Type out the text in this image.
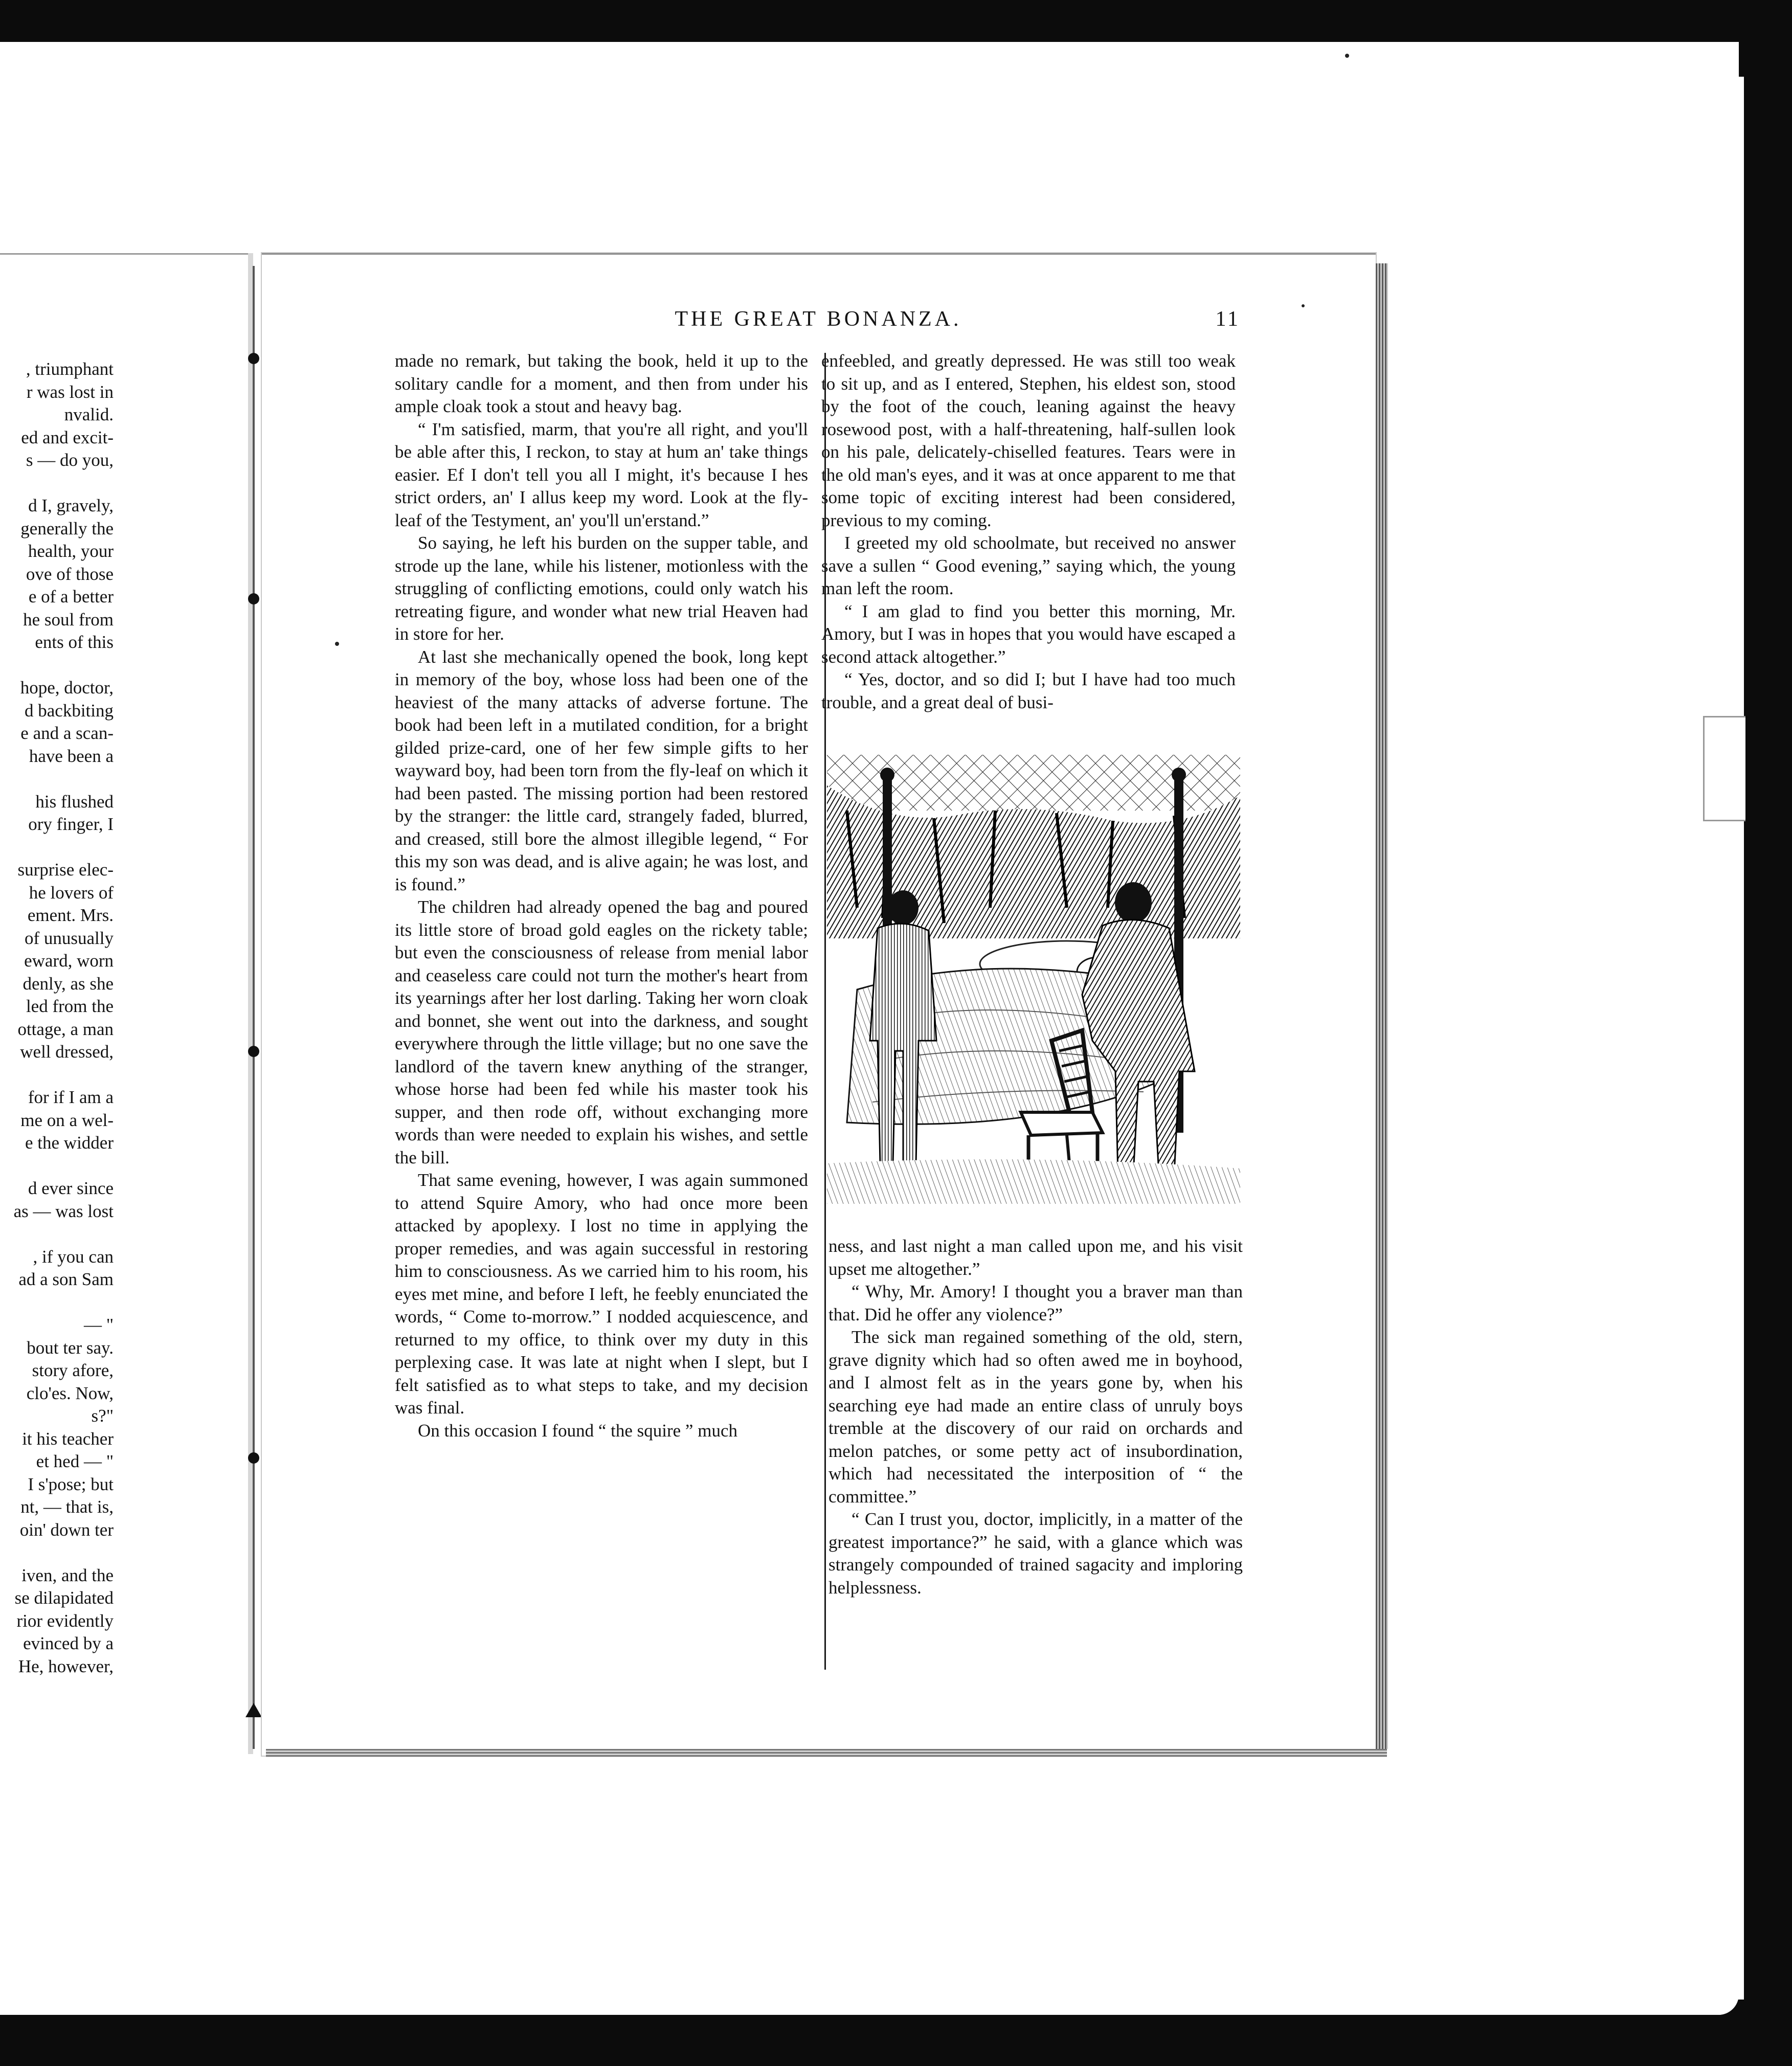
, triumphant
r was lost in
nvalid.
ed and excit-
s — do you,
d I, gravely,
generally the
health, your
ove of those
e of a better
he soul from
ents of this
hope, doctor,
d backbiting
e and a scan-
have been a
his flushed
ory finger, I
surprise elec-
he lovers of
ement. Mrs.
of unusually
eward, worn
denly, as she
led from the
ottage, a man
well dressed,
for if I am a
me on a wel-
e the widder
d ever since
as — was lost
, if you can
ad a son Sam
— "
bout ter say.
story afore,
clo'es. Now,
s?"
it his teacher
et hed — "
I s'pose; but
nt, — that is,
oin' down ter
iven, and the
se dilapidated
rior evidently
evinced by a
He, however,
THE GREAT BONANZA.	11

made no remark, but taking the book, held it up to the solitary candle for a moment, and then from under his ample cloak took a stout and heavy bag.

“ I'm satisfied, marm, that you're all right, and you'll be able after this, I reckon, to stay at hum an' take things easier. Ef I don't tell you all I might, it's because I hes strict orders, an' I allus keep my word. Look at the fly-leaf of the Testyment, an' you'll un'erstand.”

So saying, he left his burden on the supper table, and strode up the lane, while his listener, motionless with the struggling of conflicting emotions, could only watch his retreating figure, and wonder what new trial Heaven had in store for her.

At last she mechanically opened the book, long kept in memory of the boy, whose loss had been one of the heaviest of the many attacks of adverse fortune. The book had been left in a mutilated condition, for a bright gilded prize-card, one of her few simple gifts to her wayward boy, had been torn from the fly-leaf on which it had been pasted. The missing portion had been restored by the stranger: the little card, strangely faded, blurred, and creased, still bore the almost illegible legend, “ For this my son was dead, and is alive again; he was lost, and is found.”

The children had already opened the bag and poured its little store of broad gold eagles on the rickety table; but even the consciousness of release from menial labor and ceaseless care could not turn the mother's heart from its yearnings after her lost darling. Taking her worn cloak and bonnet, she went out into the darkness, and sought everywhere through the little village; but no one save the landlord of the tavern knew anything of the stranger, whose horse had been fed while his master took his supper, and then rode off, without exchanging more words than were needed to explain his wishes, and settle the bill.

That same evening, however, I was again summoned to attend Squire Amory, who had once more been attacked by apoplexy. I lost no time in applying the proper remedies, and was again successful in restoring him to consciousness. As we carried him to his room, his eyes met mine, and before I left, he feebly enunciated the words, “ Come to-morrow.” I nodded acquiescence, and returned to my office, to think over my duty in this perplexing case. It was late at night when I slept, but I felt satisfied as to what steps to take, and my decision was final.

On this occasion I found “ the squire ” much

enfeebled, and greatly depressed. He was still too weak to sit up, and as I entered, Stephen, his eldest son, stood by the foot of the couch, leaning against the heavy rosewood post, with a half-threatening, half-sullen look on his pale, delicately-chiselled features. Tears were in the old man's eyes, and it was at once apparent to me that some topic of exciting interest had been considered, previous to my coming.

I greeted my old schoolmate, but received no answer save a sullen “ Good evening,” saying which, the young man left the room.

“ I am glad to find you better this morning, Mr. Amory, but I was in hopes that you would have escaped a second attack altogether.”

“ Yes, doctor, and so did I; but I have had too much trouble, and a great deal of busi-

ness, and last night a man called upon me, and his visit upset me altogether.”

“ Why, Mr. Amory! I thought you a braver man than that. Did he offer any violence?”

The sick man regained something of the old, stern, grave dignity which had so often awed me in boyhood, and I almost felt as in the years gone by, when his searching eye had made an entire class of unruly boys tremble at the discovery of our raid on orchards and melon patches, or some petty act of insubordination, which had necessitated the interposition of “ the committee.”

“ Can I trust you, doctor, implicitly, in a matter of the greatest importance?” he said, with a glance which was strangely compounded of trained sagacity and imploring helplessness.
